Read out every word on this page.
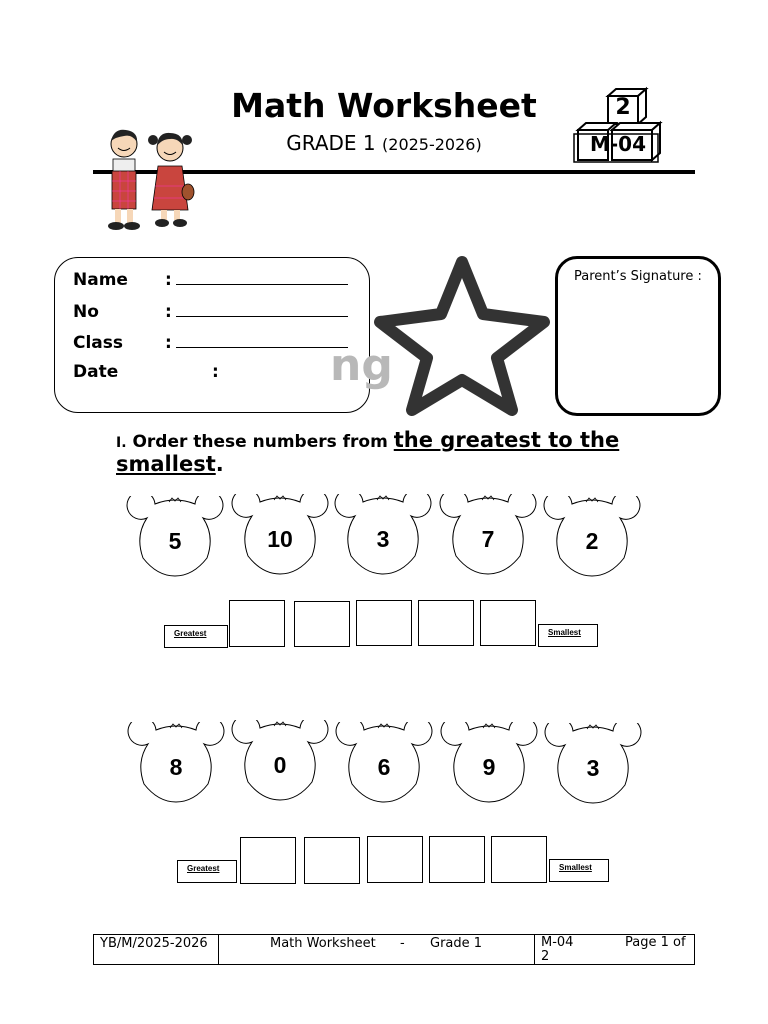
Math Worksheet
GRADE 1 (2025-2026)
2
M-04
Name :
No	:
Class :
Date	:	ng
Parent’s Signature :
I. Order these numbers from the greatest to the
smallest.
5	10	3	7	2
Greatest	Smallest
8	0	6	9	3
Greatest	Smallest
YB/M/2025-2026	Math Worksheet - Grade 1	M-04	Page 1 of

2
